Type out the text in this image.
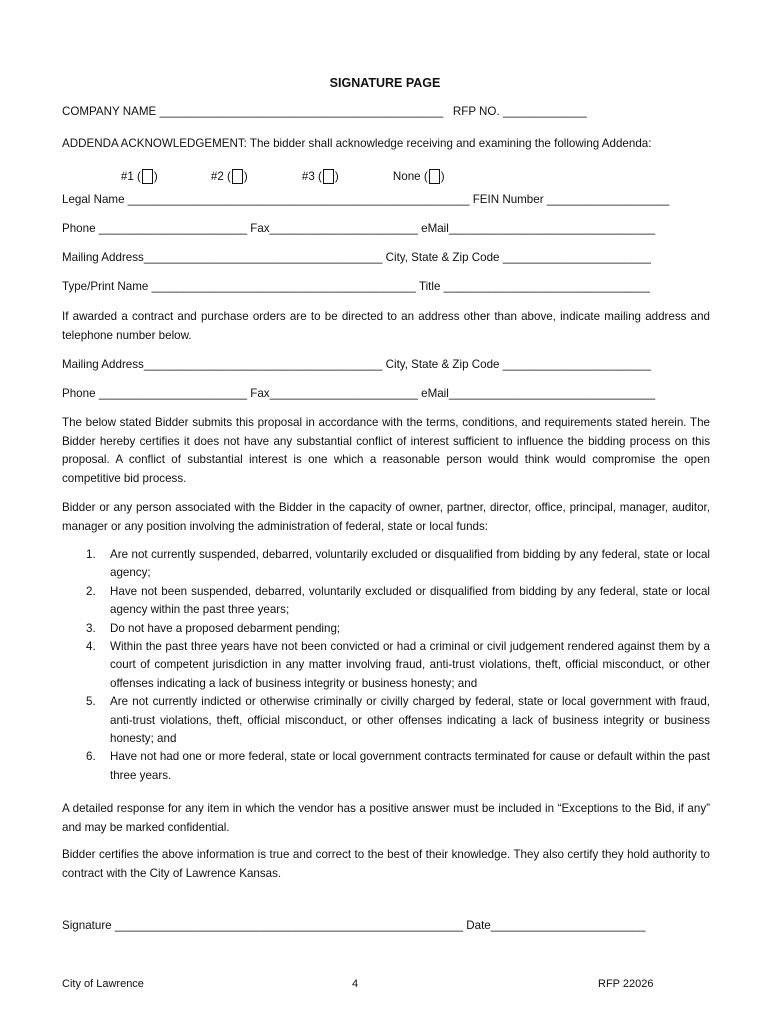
SIGNATURE PAGE
COMPANY NAME ____________________________________________   RFP NO. _____________
ADDENDA ACKNOWLEDGEMENT: The bidder shall acknowledge receiving and examining the following Addenda:

#1 ( )
	#2 ( )
	#3 ( )
	None ( )

Legal Name _____________________________________________________ FEIN Number ___________________
Phone _______________________ Fax_______________________ eMail________________________________
Mailing Address_____________________________________ City, State & Zip Code _______________________
Type/Print Name _________________________________________ Title ________________________________
If awarded a contract and purchase orders are to be directed to an address other than above, indicate mailing address and telephone number below.
Mailing Address_____________________________________ City, State & Zip Code _______________________
Phone _______________________ Fax_______________________ eMail________________________________
The below stated Bidder submits this proposal in accordance with the terms, conditions, and requirements stated herein. The Bidder hereby certifies it does not have any substantial conflict of interest sufficient to influence the bidding process on this proposal. A conflict of substantial interest is one which a reasonable person would think would compromise the open competitive bid process.
Bidder or any person associated with the Bidder in the capacity of owner, partner, director, office, principal, manager, auditor, manager or any position involving the administration of federal, state or local funds:
1. Are not currently suspended, debarred, voluntarily excluded or disqualified from bidding by any federal, state or local agency;
2. Have not been suspended, debarred, voluntarily excluded or disqualified from bidding by any federal, state or local agency within the past three years;
3. Do not have a proposed debarment pending;
4. Within the past three years have not been convicted or had a criminal or civil judgement rendered against them by a court of competent jurisdiction in any matter involving fraud, anti-trust violations, theft, official misconduct, or other offenses indicating a lack of business integrity or business honesty; and
5. Are not currently indicted or otherwise criminally or civilly charged by federal, state or local government with fraud, anti-trust violations, theft, official misconduct, or other offenses indicating a lack of business integrity or business honesty; and
6. Have not had one or more federal, state or local government contracts terminated for cause or default within the past three years.
A detailed response for any item in which the vendor has a positive answer must be included in “Exceptions to the Bid, if any” and may be marked confidential.
Bidder certifies the above information is true and correct to the best of their knowledge. They also certify they hold authority to contract with the City of Lawrence Kansas.
Signature ______________________________________________________ Date________________________
City of Lawrence	4	RFP 22026
